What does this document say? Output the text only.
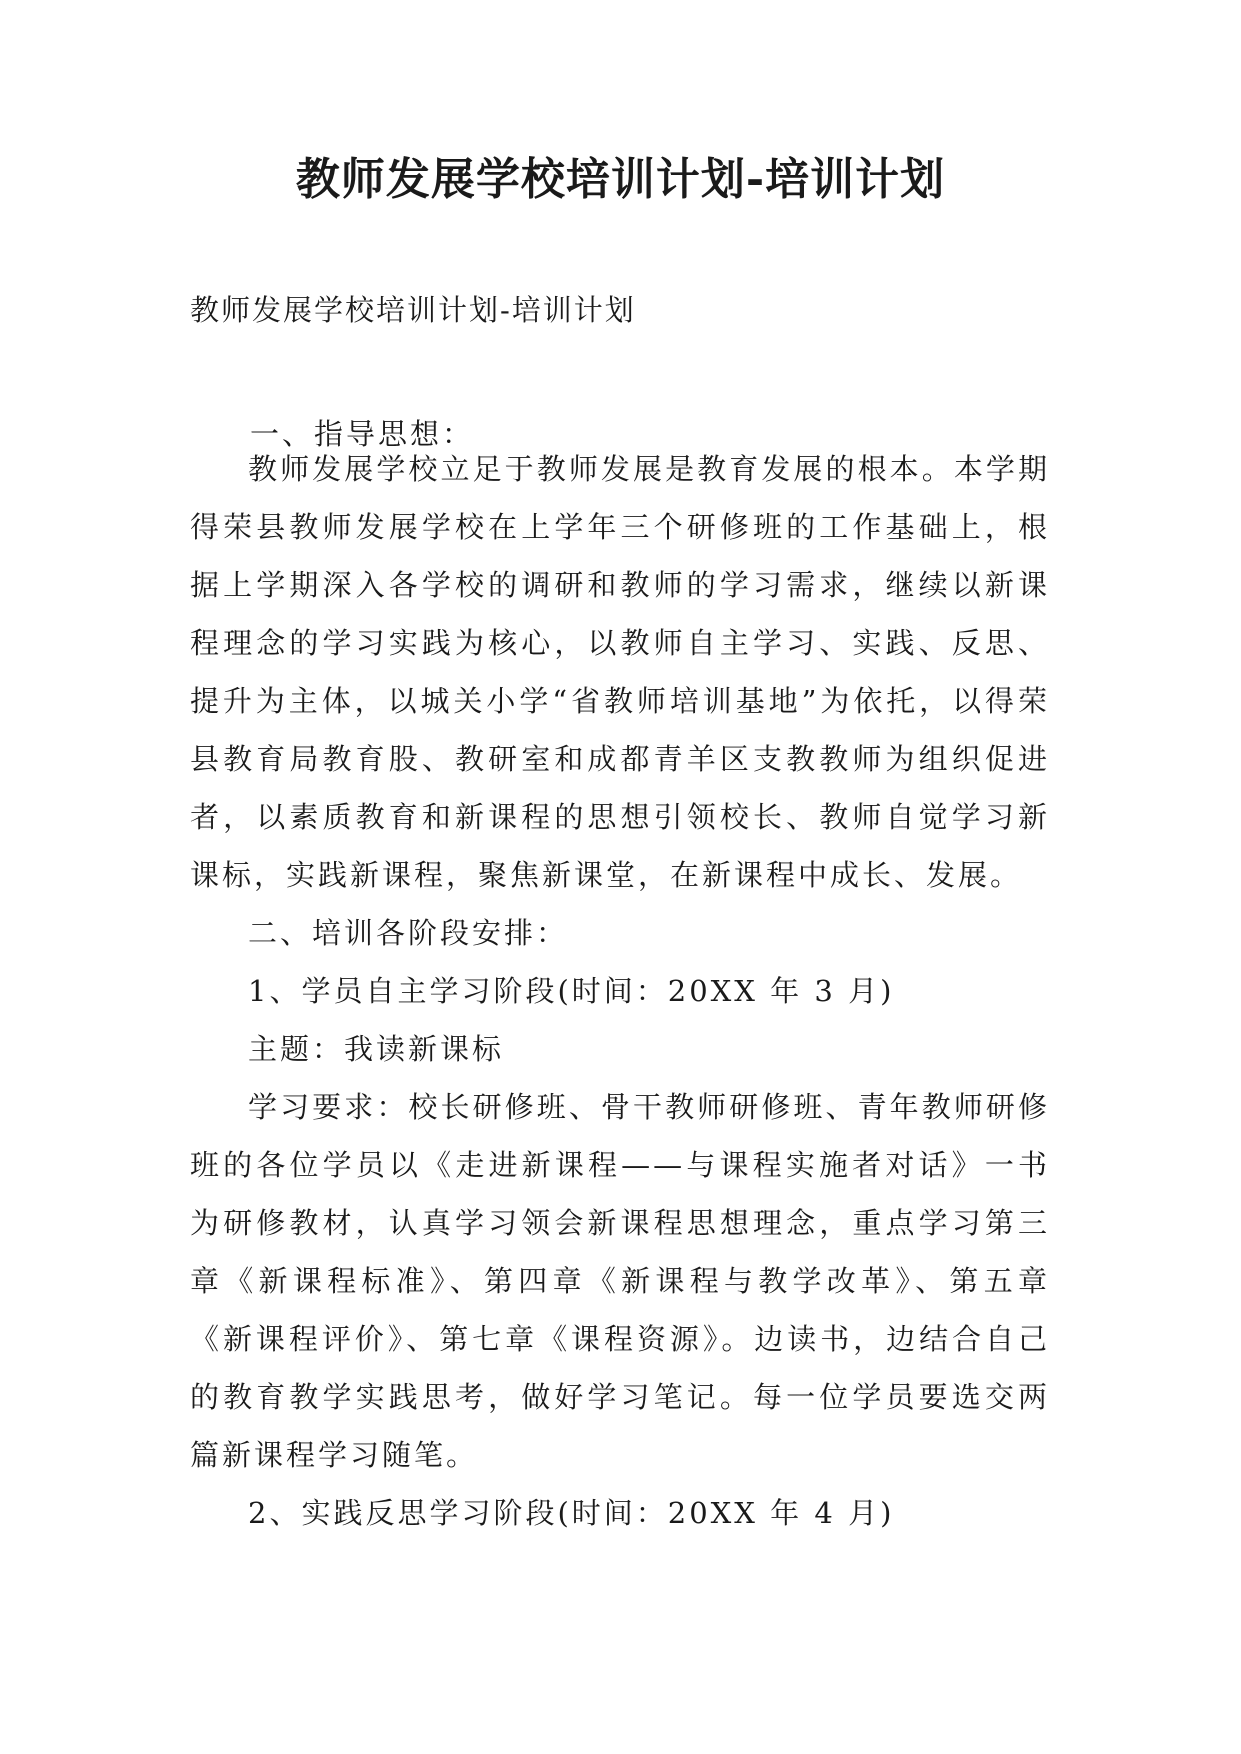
教师发展学校培训计划-培训计划

教师发展学校培训计划-培训计划

一、指导思想：

教师发展学校立足于教师发展是教育发展的根本。本学期得荣县教师发展学校在上学年三个研修班的工作基础上，根据上学期深入各学校的调研和教师的学习需求，继续以新课程理念的学习实践为核心，以教师自主学习、实践、反思、提升为主体，以城关小学“省教师培训基地”为依托，以得荣县教育局教育股、教研室和成都青羊区支教教师为组织促进者，以素质教育和新课程的思想引领校长、教师自觉学习新课标，实践新课程，聚焦新课堂，在新课程中成长、发展。

二、培训各阶段安排：

1、学员自主学习阶段(时间：20XX 年 3 月)

主题：我读新课标

学习要求：校长研修班、骨干教师研修班、青年教师研修班的各位学员以《走进新课程——与课程实施者对话》一书为研修教材，认真学习领会新课程思想理念，重点学习第三章《新课程标准》、第四章《新课程与教学改革》、第五章《新课程评价》、第七章《课程资源》。边读书，边结合自己的教育教学实践思考，做好学习笔记。每一位学员要选交两篇新课程学习随笔。

2、实践反思学习阶段(时间：20XX 年 4 月)
